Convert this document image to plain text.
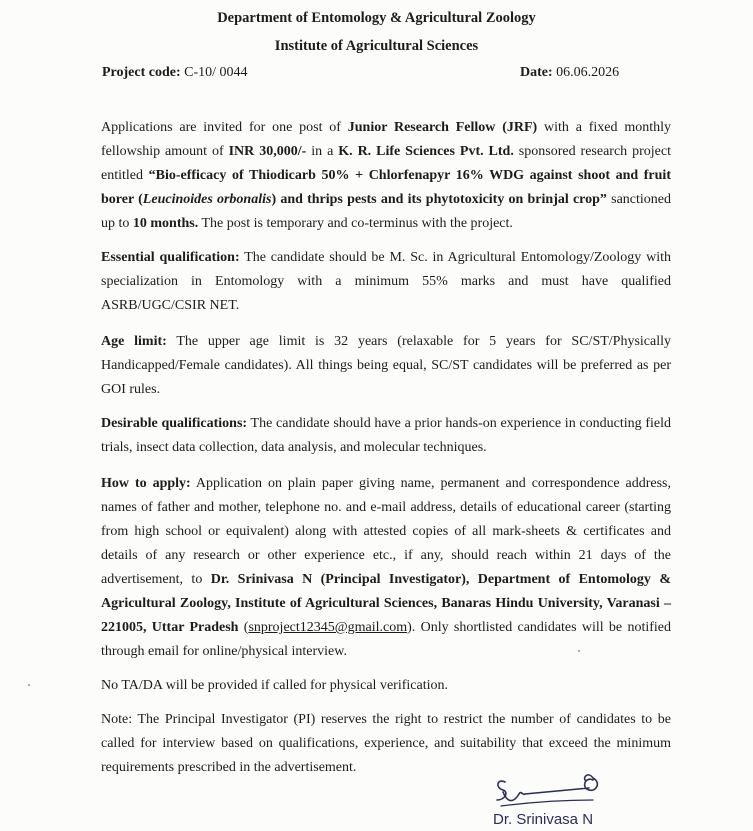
Department of Entomology & Agricultural Zoology
Institute of Agricultural Sciences
Project code: C-10/ 0044	Date: 06.06.2026
Applications are invited for one post of Junior Research Fellow (JRF) with a fixed monthly fellowship amount of INR 30,000/- in a K. R. Life Sciences Pvt. Ltd. sponsored research project entitled “Bio-efficacy of Thiodicarb 50% + Chlorfenapyr 16% WDG against shoot and fruit borer (Leucinoides orbonalis) and thrips pests and its phytotoxicity on brinjal crop” sanctioned up to 10 months. The post is temporary and co-terminus with the project.
Essential qualification: The candidate should be M. Sc. in Agricultural Entomology/Zoology with specialization in Entomology with a minimum 55% marks and must have qualified ASRB/UGC/CSIR NET.
Age limit: The upper age limit is 32 years (relaxable for 5 years for SC/ST/Physically Handicapped/Female candidates). All things being equal, SC/ST candidates will be preferred as per GOI rules.
Desirable qualifications: The candidate should have a prior hands-on experience in conducting field trials, insect data collection, data analysis, and molecular techniques.
How to apply: Application on plain paper giving name, permanent and correspondence address, names of father and mother, telephone no. and e-mail address, details of educational career (starting from high school or equivalent) along with attested copies of all mark-sheets & certificates and details of any research or other experience etc., if any, should reach within 21 days of the advertisement, to Dr. Srinivasa N (Principal Investigator), Department of Entomology & Agricultural Zoology, Institute of Agricultural Sciences, Banaras Hindu University, Varanasi – 221005, Uttar Pradesh (snproject12345@gmail.com). Only shortlisted candidates will be notified through email for online/physical interview.
No TA/DA will be provided if called for physical verification.
Note: The Principal Investigator (PI) reserves the right to restrict the number of candidates to be called for interview based on qualifications, experience, and suitability that exceed the minimum requirements prescribed in the advertisement.
Dr. Srinivasa N
